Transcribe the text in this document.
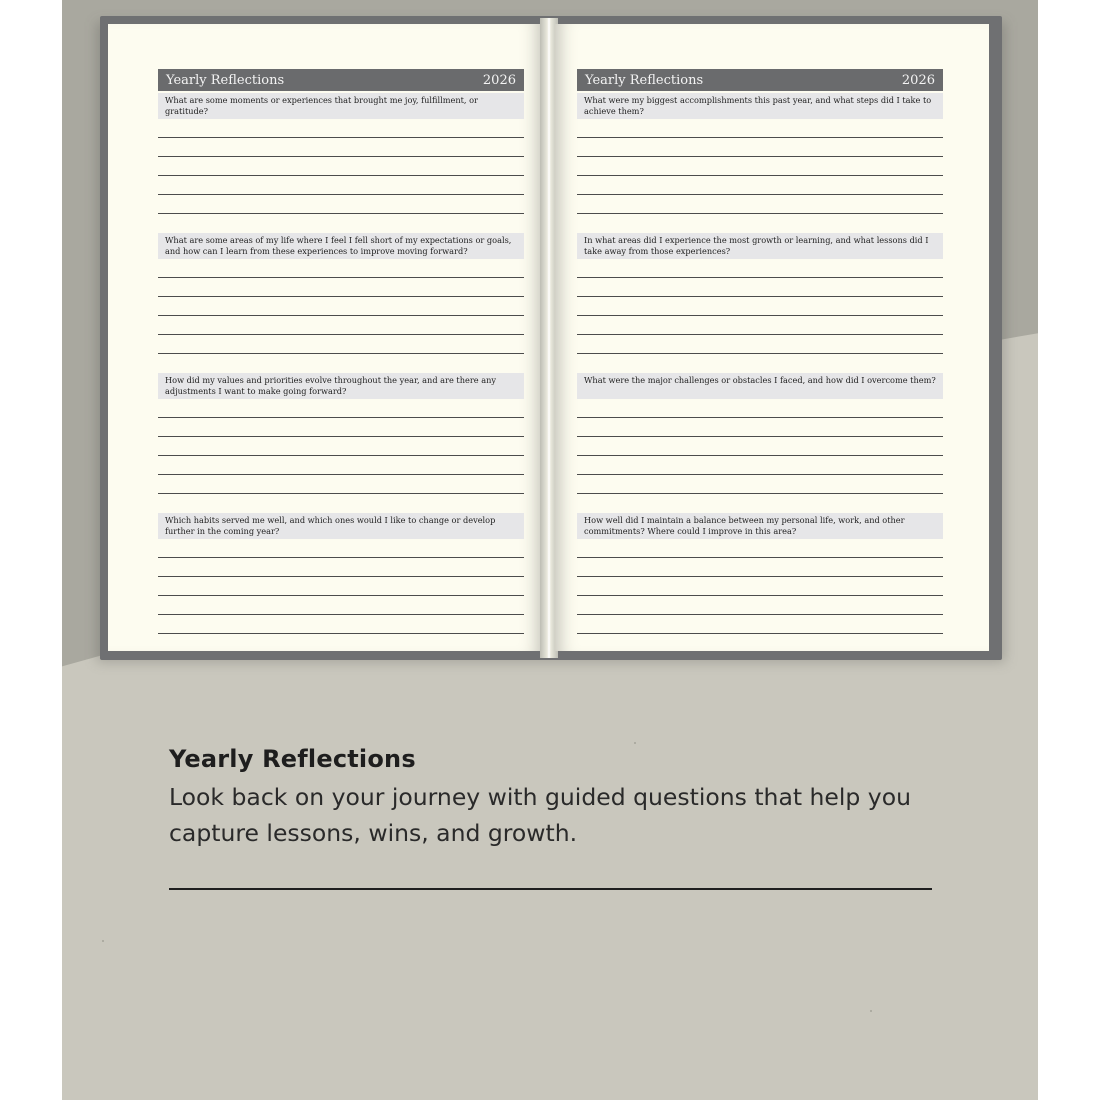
Yearly Reflections	2026
What are some moments or experiences that brought me joy, fulfillment, or gratitude?
What are some areas of my life where I feel I fell short of my expectations or goals, and how can I learn from these experiences to improve moving forward?
How did my values and priorities evolve throughout the year, and are there any adjustments I want to make going forward?
Which habits served me well, and which ones would I like to change or develop further in the coming year?
Yearly Reflections	2026
What were my biggest accomplishments this past year, and what steps did I take to achieve them?
In what areas did I experience the most growth or learning, and what lessons did I take away from those experiences?
What were the major challenges or obstacles I faced, and how did I overcome them?
How well did I maintain a balance between my personal life, work, and other commitments? Where could I improve in this area?
Yearly Reflections
Look back on your journey with guided questions that help you capture lessons, wins, and growth.
